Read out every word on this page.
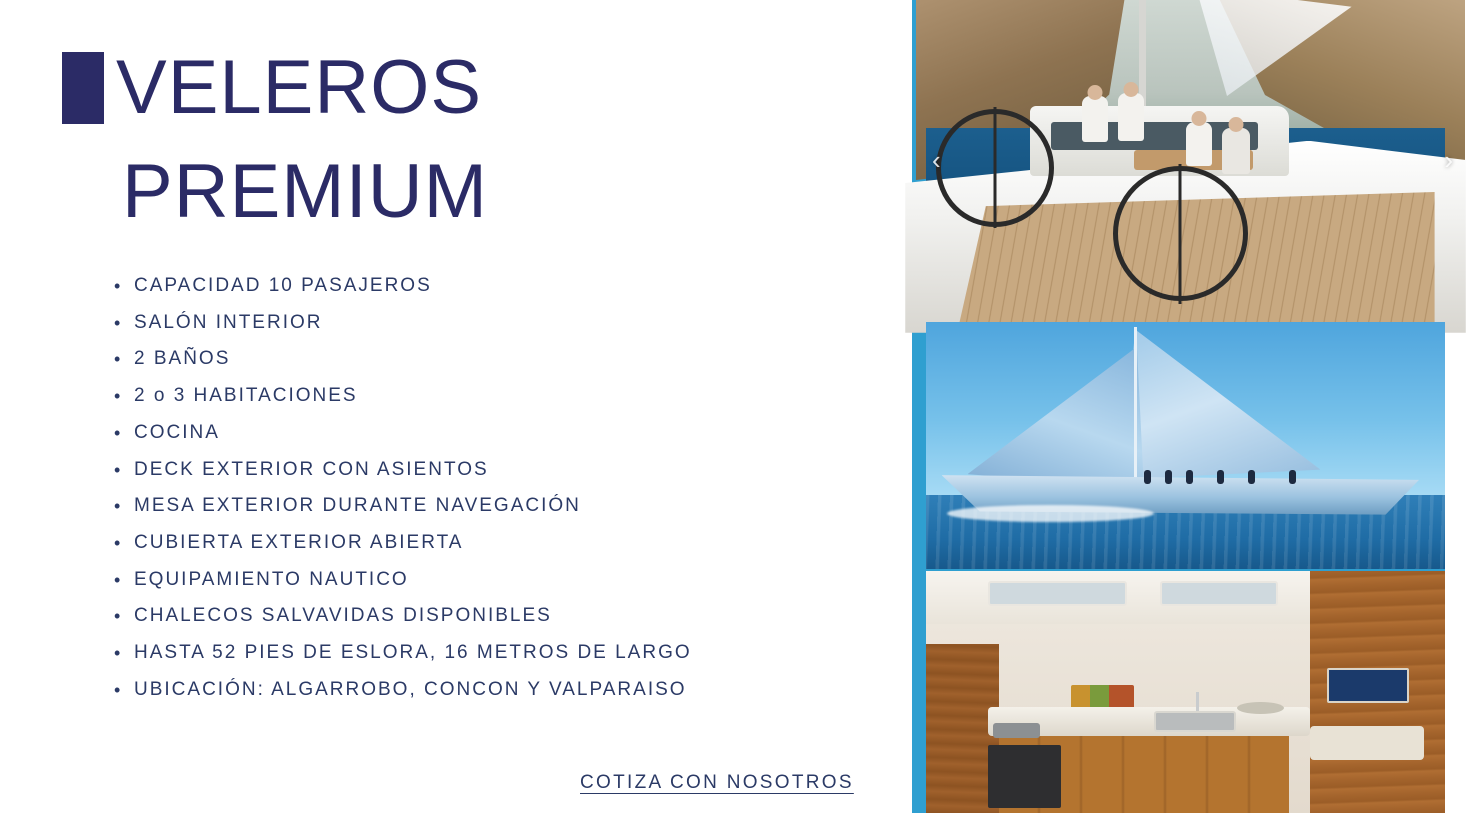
VELEROS
PREMIUM
• CAPACIDAD 10 PASAJEROS
• SALÓN INTERIOR
• 2 BAÑOS
• 2 o 3 HABITACIONES
• COCINA
• DECK EXTERIOR CON ASIENTOS
• MESA EXTERIOR DURANTE NAVEGACIÓN
• CUBIERTA EXTERIOR ABIERTA
• EQUIPAMIENTO NAUTICO
• CHALECOS SALVAVIDAS DISPONIBLES
• HASTA 52 PIES DE ESLORA, 16 METROS DE LARGO
• UBICACIÓN: ALGARROBO, CONCON Y VALPARAISO
COTIZA CON NOSOTROS
‹	›
